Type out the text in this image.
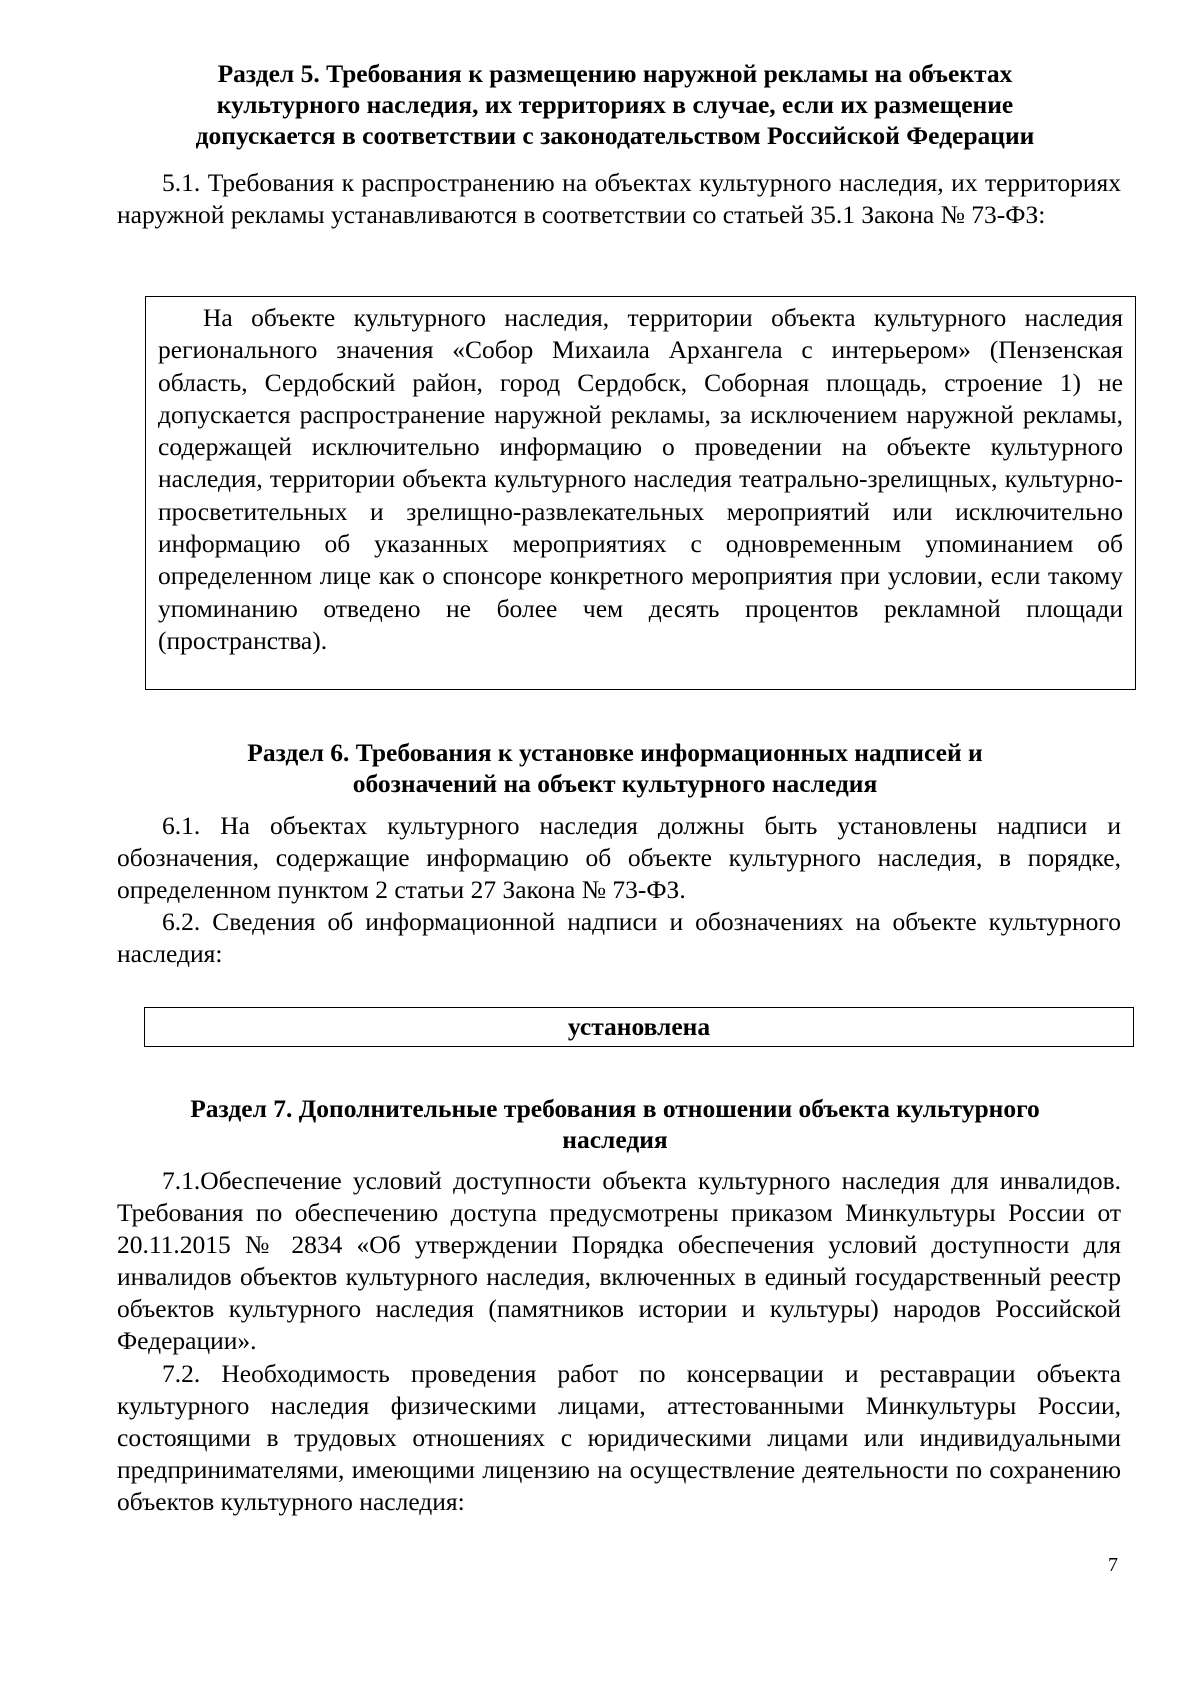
Раздел 5. Требования к размещению наружной рекламы на объектах
культурного наследия, их территориях в случае, если их размещение
допускается в соответствии с законодательством Российской Федерации

5.1. Требования к распространению на объектах культурного наследия, их территориях наружной рекламы устанавливаются в соответствии со статьей 35.1 Закона № 73-ФЗ:

На объекте культурного наследия, территории объекта культурного наследия регионального значения «Собор Михаила Архангела с интерьером» (Пензенская область, Сердобский район, город Сердобск, Соборная площадь, строение 1) не допускается распространение наружной рекламы, за исключением наружной рекламы, содержащей исключительно информацию о проведении на объекте культурного наследия, территории объекта культурного наследия театрально-зрелищных, культурно-просветительных и зрелищно-развлекательных мероприятий или исключительно информацию об указанных мероприятиях с одновременным упоминанием об определенном лице как о спонсоре конкретного мероприятия при условии, если такому упоминанию отведено не более чем десять процентов рекламной площади (пространства).

Раздел 6. Требования к установке информационных надписей и
обозначений на объект культурного наследия

6.1. На объектах культурного наследия должны быть установлены надписи и обозначения, содержащие информацию об объекте культурного наследия, в порядке, определенном пунктом 2 статьи 27 Закона № 73-ФЗ.

6.2. Сведения об информационной надписи и обозначениях на объекте культурного наследия:

установлена
Раздел 7. Дополнительные требования в отношении объекта культурного
наследия

7.1.Обеспечение условий доступности объекта культурного наследия для инвалидов. Требования по обеспечению доступа предусмотрены приказом Минкультуры России от 20.11.2015 № 2834 «Об утверждении Порядка обеспечения условий доступности для инвалидов объектов культурного наследия, включенных в единый государственный реестр объектов культурного наследия (памятников истории и культуры) народов Российской Федерации».

7.2. Необходимость проведения работ по консервации и реставрации объекта культурного наследия физическими лицами, аттестованными Минкультуры России, состоящими в трудовых отношениях с юридическими лицами или индивидуальными предпринимателями, имеющими лицензию на осуществление деятельности по сохранению объектов культурного наследия:

7
